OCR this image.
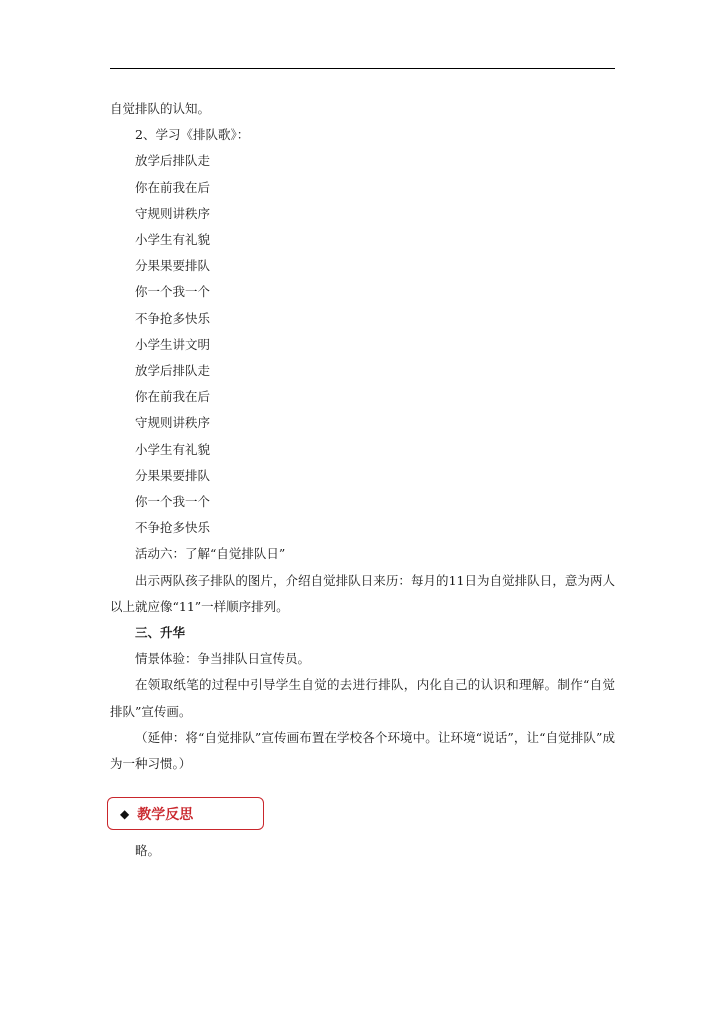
自觉排队的认知。

2、学习《排队歌》：

放学后排队走

你在前我在后

守规则讲秩序

小学生有礼貌

分果果要排队

你一个我一个

不争抢多快乐

小学生讲文明

放学后排队走

你在前我在后

守规则讲秩序

小学生有礼貌

分果果要排队

你一个我一个

不争抢多快乐

活动六：了解“自觉排队日”

出示两队孩子排队的图片，介绍自觉排队日来历：每月的11日为自觉排队日，意为两人以上就应像“11”一样顺序排列。

三、升华

情景体验：争当排队日宣传员。

在领取纸笔的过程中引导学生自觉的去进行排队，内化自己的认识和理解。制作“自觉排队”宣传画。

（延伸：将“自觉排队”宣传画布置在学校各个环境中。让环境“说话”，让“自觉排队”成为一种习惯。）

◆ 教学反思
略。
